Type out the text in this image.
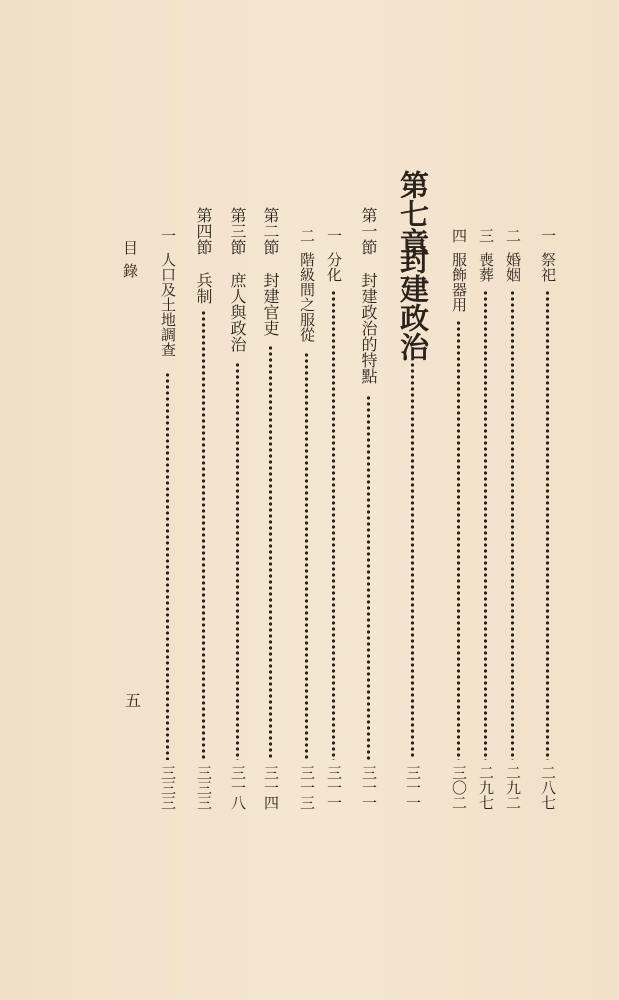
一
祭祀
二八七
二
婚姻
二九二
三
喪葬
二九七
四
服飾器用
三〇二
第七章
封建政治
三一一
第一節
封建政治的特點
三一一
一
分化
三一一
二
階級間之服從
三一三
第二節
封建官吏
三一四
第三節
庶人與政治
三一八
第四節
兵制
三三三
一
人口及土地調查
三三三
目錄
五
